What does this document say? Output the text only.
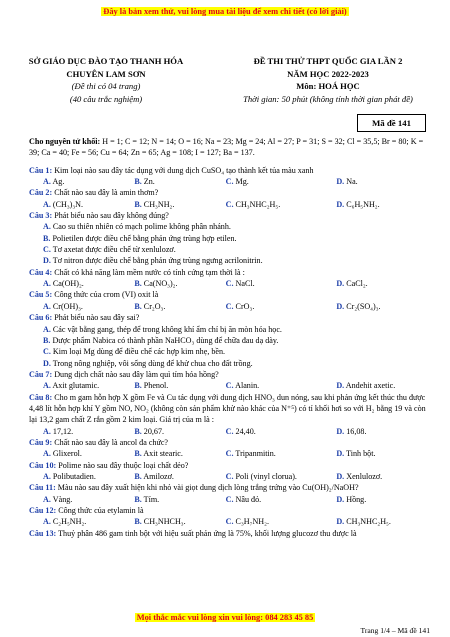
Đây là bản xem thử, vui lòng mua tài liệu để xem chi tiết (có lời giải)
SỞ GIÁO DỤC ĐÀO TẠO THANH HÓA
CHUYÊN LAM SƠN
(Đề thi có 04 trang)
(40 câu trắc nghiệm)
ĐỀ THI THỬ THPT QUỐC GIA LẦN 2
NĂM HỌC 2022-2023
Môn: HOÁ HỌC
Thời gian: 50 phút (không tính thời gian phát đề)
Mã đề 141
Cho nguyên tử khối: H = 1; C = 12; N = 14; O = 16; Na = 23; Mg = 24; Al = 27; P = 31; S = 32; Cl = 35,5; Br = 80; K = 39; Ca = 40; Fe = 56; Cu = 64; Zn = 65; Ag = 108; I = 127; Ba = 137.
Câu 1: Kim loại nào sau đây tác dụng với dung dịch CuSO₄ tạo thành kết tủa màu xanh
A. Ag.	B. Zn.	C. Mg.	D. Na.
Câu 2: Chất nào sau đây là amin thơm?
A. (CH₃)₃N.	B. CH₃NH₂.	C. CH₃NHC₂H₅.	D. C₆H₅NH₂.
Câu 3: Phát biểu nào sau đây không đúng?
A. Cao su thiên nhiên có mạch polime không phân nhánh.
B. Polietilen được điều chế bằng phản ứng trùng hợp etilen.
C. Tơ axetat được điều chế từ xenlulozơ.
D. Tơ nitron được điều chế bằng phản ứng trùng ngưng acrilonitrin.
Câu 4: Chất có khả năng làm mềm nước có tính cứng tạm thời là :
A. Ca(OH)₂.	B. Ca(NO₃)₂.	C. NaCl.	D. CaCl₂.
Câu 5: Công thức của crom (VI) oxit là
A. Cr(OH)₃.	B. Cr₂O₃.	C. CrO₃.	D. Cr₂(SO₄)₃.
Câu 6: Phát biểu nào sau đây sai?
A. Các vật bằng gang, thép để trong không khí ẩm chỉ bị ăn mòn hóa học.
B. Dược phẩm Nabica có thành phần NaHCO₃ dùng để chữa đau dạ dày.
C. Kim loại Mg dùng để điều chế các hợp kim nhẹ, bền.
D. Trong nông nghiệp, vôi sống dùng để khử chua cho đất trồng.
Câu 7: Dung dịch chất nào sau đây làm quì tím hóa hồng?
A. Axit glutamic.	B. Phenol.	C. Alanin.	D. Andehit axetic.
Câu 8: Cho m gam hỗn hợp X gồm Fe và Cu tác dụng với dung dịch HNO₃ dun nóng, sau khi phản ứng kết thúc thu được 4,48 lít hỗn hợp khí Y gồm NO, NO₂ (không còn sản phẩm khử nào khác của N⁺⁵) có tỉ khối hơi so với H₂ bằng 19 và còn lại 13,2 gam chất Z rắn gồm 2 kim loại. Giá trị của m là :
A. 17,12.	B. 20,67.	C. 24,40.	D. 16,08.
Câu 9: Chất nào sau đây là ancol đa chức?
A. Glixerol.	B. Axit stearic.	C. Tripanmitin.	D. Tinh bột.
Câu 10: Polime nào sau đây thuộc loại chất dẻo?
A. Polibutadien.	B. Amilozơ.	C. Poli (vinyl clorua).	D. Xenlulozơ.
Câu 11: Màu nào sau đây xuất hiện khi nhỏ vài giọt dung dịch lòng trắng trứng vào Cu(OH)₂/NaOH?
A. Vàng.	B. Tím.	C. Nâu đỏ.	D. Hồng.
Câu 12: Công thức của etylamin là
A. C₂H₅NH₂.	B. CH₃NHCH₃.	C. C₃H₇NH₂.	D. CH₃NHC₂H₅.
Câu 13: Thuỷ phân 486 gam tinh bột với hiệu suất phản ứng là 75%, khối lượng glucozơ thu được là
Mọi thắc mắc vui lòng xin vui lòng: 084 283 45 85
Trang 1/4 – Mã đề 141
